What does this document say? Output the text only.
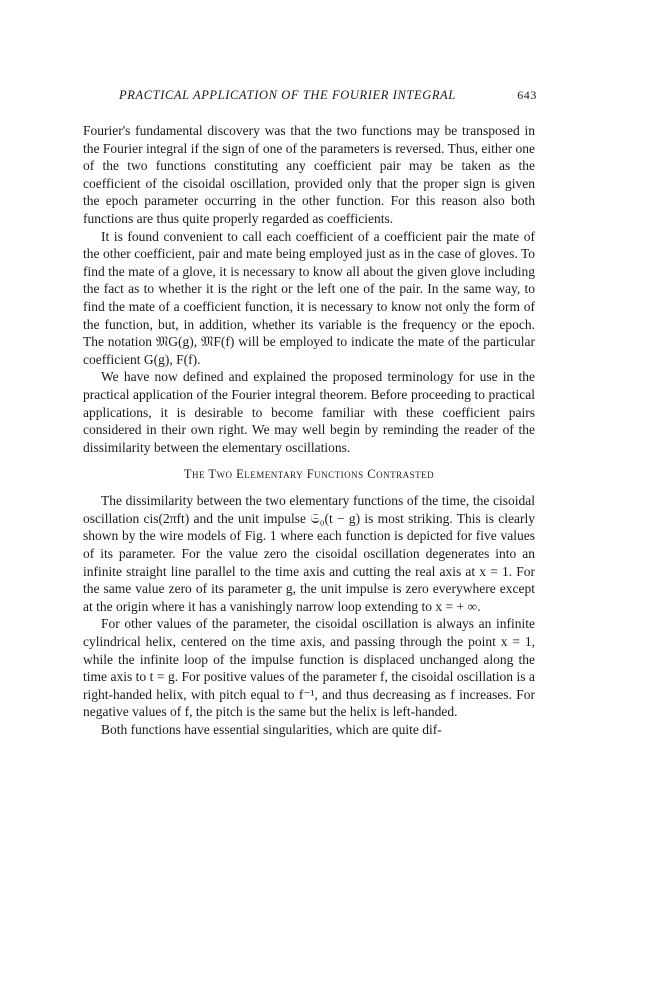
PRACTICAL APPLICATION OF THE FOURIER INTEGRAL	643

Fourier's fundamental discovery was that the two functions may be transposed in the Fourier integral if the sign of one of the parameters is reversed. Thus, either one of the two functions constituting any coefficient pair may be taken as the coefficient of the cisoidal oscillation, provided only that the proper sign is given the epoch parameter occurring in the other function. For this reason also both functions are thus quite properly regarded as coefficients.

It is found convenient to call each coefficient of a coefficient pair the mate of the other coefficient, pair and mate being employed just as in the case of gloves. To find the mate of a glove, it is necessary to know all about the given glove including the fact as to whether it is the right or the left one of the pair. In the same way, to find the mate of a coefficient function, it is necessary to know not only the form of the function, but, in addition, whether its variable is the frequency or the epoch. The notation 𝔐G(g), 𝔐F(f) will be employed to indicate the mate of the particular coefficient G(g), F(f).

We have now defined and explained the proposed terminology for use in the practical application of the Fourier integral theorem. Before proceeding to practical applications, it is desirable to become familiar with these coefficient pairs considered in their own right. We may well begin by reminding the reader of the dissimilarity between the elementary oscillations.

The Two Elementary Functions Contrasted

The dissimilarity between the two elementary functions of the time, the cisoidal oscillation cis(2πft) and the unit impulse 𝔖₀(t − g) is most striking. This is clearly shown by the wire models of Fig. 1 where each function is depicted for five values of its parameter. For the value zero the cisoidal oscillation degenerates into an infinite straight line parallel to the time axis and cutting the real axis at x = 1. For the same value zero of its parameter g, the unit impulse is zero everywhere except at the origin where it has a vanishingly narrow loop extending to x = + ∞.

For other values of the parameter, the cisoidal oscillation is always an infinite cylindrical helix, centered on the time axis, and passing through the point x = 1, while the infinite loop of the impulse function is displaced unchanged along the time axis to t = g. For positive values of the parameter f, the cisoidal oscillation is a right-handed helix, with pitch equal to f⁻¹, and thus decreasing as f increases. For negative values of f, the pitch is the same but the helix is left-handed.

Both functions have essential singularities, which are quite dif-
